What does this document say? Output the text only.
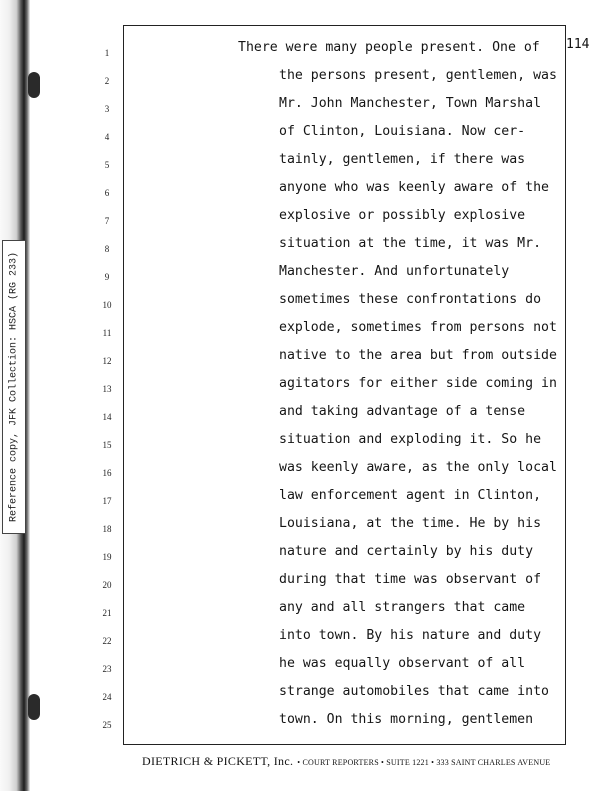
Reference copy, JFK Collection: HSCA (RG 233)
114
1	There were many people present. One of
2	the persons present, gentlemen, was
3	Mr. John Manchester, Town Marshal
4	of Clinton, Louisiana. Now cer-
5	tainly, gentlemen, if there was
6	anyone who was keenly aware of the
7	explosive or possibly explosive
8	situation at the time, it was Mr.
9	Manchester. And unfortunately
10	sometimes these confrontations do
11	explode, sometimes from persons not
12	native to the area but from outside
13	agitators for either side coming in
14	and taking advantage of a tense
15	situation and exploding it. So he
16	was keenly aware, as the only local
17	law enforcement agent in Clinton,
18	Louisiana, at the time. He by his
19	nature and certainly by his duty
20	during that time was observant of
21	any and all strangers that came
22	into town. By his nature and duty
23	he was equally observant of all
24	strange automobiles that came into
25	town. On this morning, gentlemen
DIETRICH & PICKETT, Inc. • COURT REPORTERS • SUITE 1221 • 333 SAINT CHARLES AVENUE
